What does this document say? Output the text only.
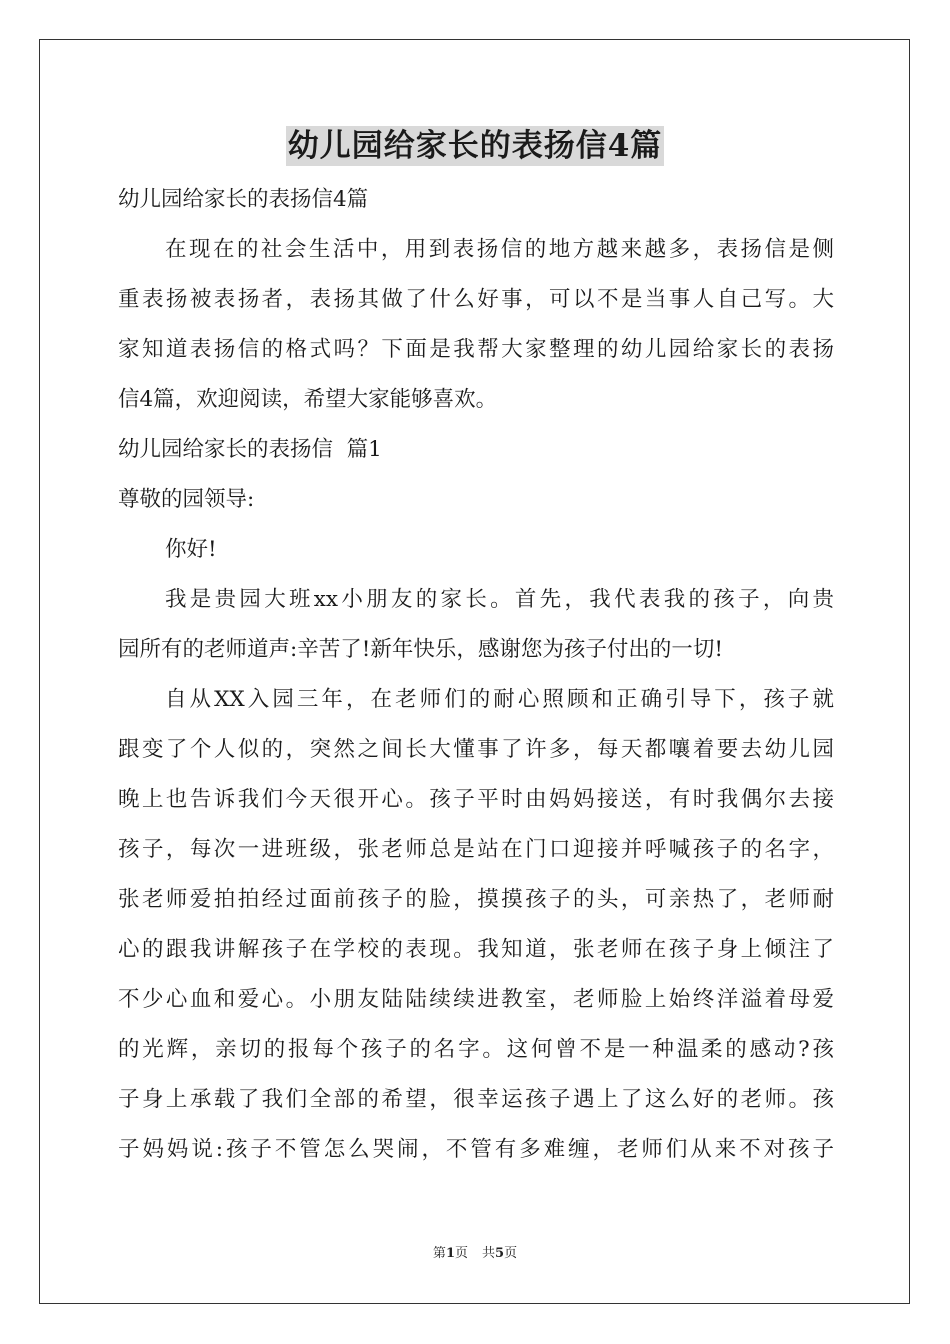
幼儿园给家长的表扬信4篇
幼儿园给家长的表扬信4篇
在现在的社会生活中，用到表扬信的地方越来越多，表扬信是侧
重表扬被表扬者，表扬其做了什么好事，可以不是当事人自己写。大
家知道表扬信的格式吗？下面是我帮大家整理的幼儿园给家长的表扬
信4篇，欢迎阅读，希望大家能够喜欢。
幼儿园给家长的表扬信  篇1
尊敬的园领导:
你好!
我是贵园大班xx小朋友的家长。首先，我代表我的孩子，向贵
园所有的老师道声:辛苦了!新年快乐，感谢您为孩子付出的一切!
自从XX入园三年，在老师们的耐心照顾和正确引导下，孩子就
跟变了个人似的，突然之间长大懂事了许多，每天都嚷着要去幼儿园
晚上也告诉我们今天很开心。孩子平时由妈妈接送，有时我偶尔去接
孩子，每次一进班级，张老师总是站在门口迎接并呼喊孩子的名字，
张老师爱拍拍经过面前孩子的脸，摸摸孩子的头，可亲热了，老师耐
心的跟我讲解孩子在学校的表现。我知道，张老师在孩子身上倾注了
不少心血和爱心。小朋友陆陆续续进教室，老师脸上始终洋溢着母爱
的光辉，亲切的报每个孩子的名字。这何曾不是一种温柔的感动?孩
子身上承载了我们全部的希望，很幸运孩子遇上了这么好的老师。孩
子妈妈说:孩子不管怎么哭闹，不管有多难缠，老师们从来不对孩子
第1页 共5页
